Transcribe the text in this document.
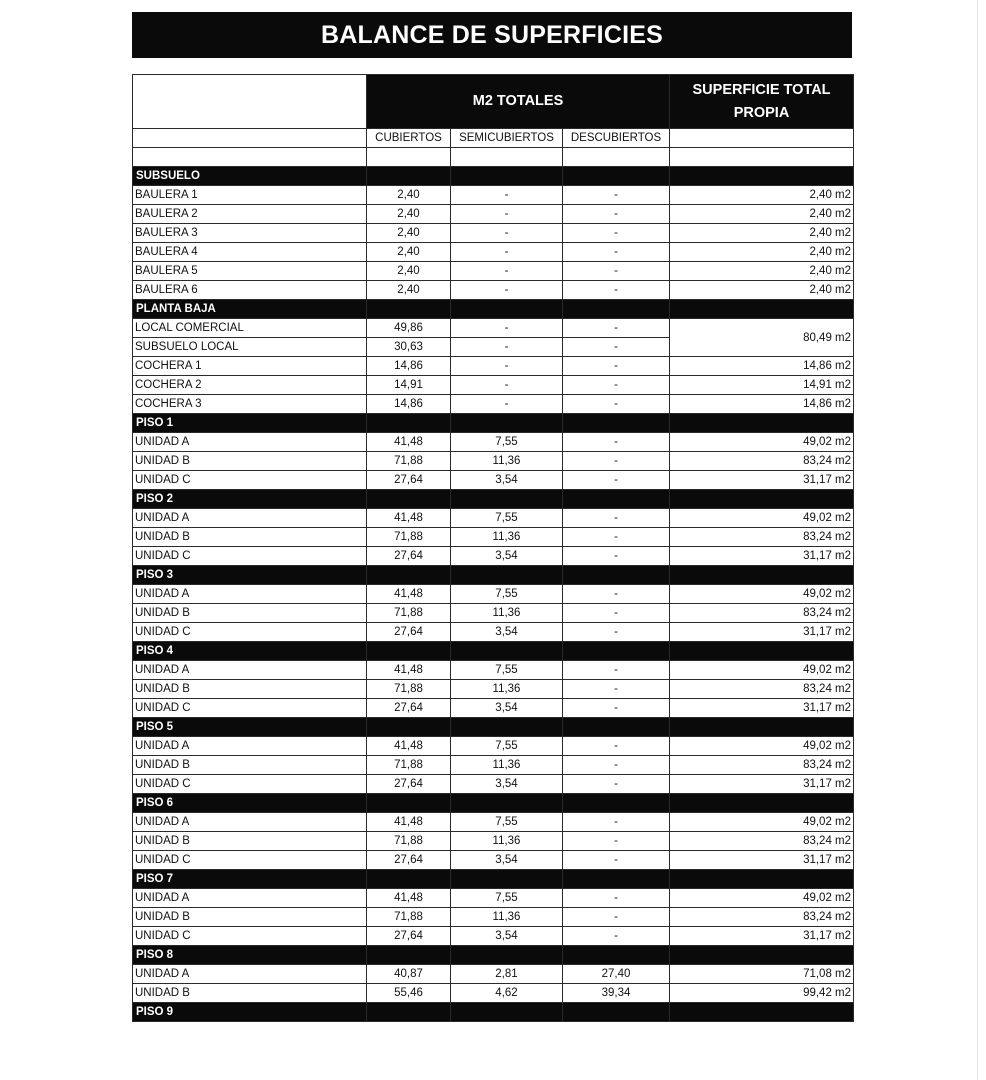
BALANCE DE SUPERFICIES
	M2 TOTALES			SUPERFICIE TOTAL
PROPIA

	CUBIERTOS	SEMICUBIERTOS	DESCUBIERTOS	

SUBSUELO				
BAULERA 1	2,40	-	-	2,40 m2
BAULERA 2	2,40	-	-	2,40 m2
BAULERA 3	2,40	-	-	2,40 m2
BAULERA 4	2,40	-	-	2,40 m2
BAULERA 5	2,40	-	-	2,40 m2
BAULERA 6	2,40	-	-	2,40 m2
PLANTA BAJA				
LOCAL COMERCIAL	49,86	-	-	80,49 m2
SUBSUELO LOCAL	30,63	-	-	
COCHERA 1	14,86	-	-	14,86 m2
COCHERA 2	14,91	-	-	14,91 m2
COCHERA 3	14,86	-	-	14,86 m2
PISO 1				
UNIDAD A	41,48	7,55	-	49,02 m2
UNIDAD B	71,88	11,36	-	83,24 m2
UNIDAD C	27,64	3,54	-	31,17 m2
PISO 2				
UNIDAD A	41,48	7,55	-	49,02 m2
UNIDAD B	71,88	11,36	-	83,24 m2
UNIDAD C	27,64	3,54	-	31,17 m2
PISO 3				
UNIDAD A	41,48	7,55	-	49,02 m2
UNIDAD B	71,88	11,36	-	83,24 m2
UNIDAD C	27,64	3,54	-	31,17 m2
PISO 4				
UNIDAD A	41,48	7,55	-	49,02 m2
UNIDAD B	71,88	11,36	-	83,24 m2
UNIDAD C	27,64	3,54	-	31,17 m2
PISO 5				
UNIDAD A	41,48	7,55	-	49,02 m2
UNIDAD B	71,88	11,36	-	83,24 m2
UNIDAD C	27,64	3,54	-	31,17 m2
PISO 6				
UNIDAD A	41,48	7,55	-	49,02 m2
UNIDAD B	71,88	11,36	-	83,24 m2
UNIDAD C	27,64	3,54	-	31,17 m2
PISO 7				
UNIDAD A	41,48	7,55	-	49,02 m2
UNIDAD B	71,88	11,36	-	83,24 m2
UNIDAD C	27,64	3,54	-	31,17 m2
PISO 8				
UNIDAD A	40,87	2,81	27,40	71,08 m2
UNIDAD B	55,46	4,62	39,34	99,42 m2
PISO 9				
